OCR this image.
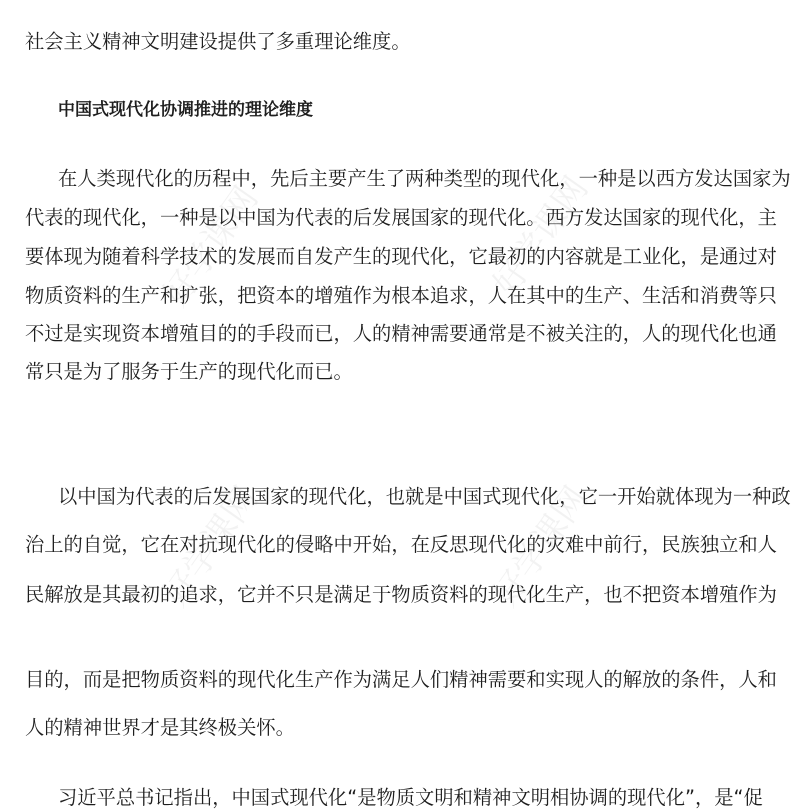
好学课网	好学课网
好学课网	好学课网
社会主义精神文明建设提供了多重理论维度。
中国式现代化协调推进的理论维度
在人类现代化的历程中，先后主要产生了两种类型的现代化，一种是以西方发达国家为
代表的现代化，一种是以中国为代表的后发展国家的现代化。西方发达国家的现代化，主
要体现为随着科学技术的发展而自发产生的现代化，它最初的内容就是工业化，是通过对
物质资料的生产和扩张，把资本的增殖作为根本追求，人在其中的生产、生活和消费等只
不过是实现资本增殖目的的手段而已，人的精神需要通常是不被关注的，人的现代化也通
常只是为了服务于生产的现代化而已。
以中国为代表的后发展国家的现代化，也就是中国式现代化，它一开始就体现为一种政
治上的自觉，它在对抗现代化的侵略中开始，在反思现代化的灾难中前行，民族独立和人
民解放是其最初的追求，它并不只是满足于物质资料的现代化生产，也不把资本增殖作为
目的，而是把物质资料的现代化生产作为满足人们精神需要和实现人的解放的条件，人和
人的精神世界才是其终极关怀。
习近平总书记指出，中国式现代化“是物质文明和精神文明相协调的现代化”，是“促
